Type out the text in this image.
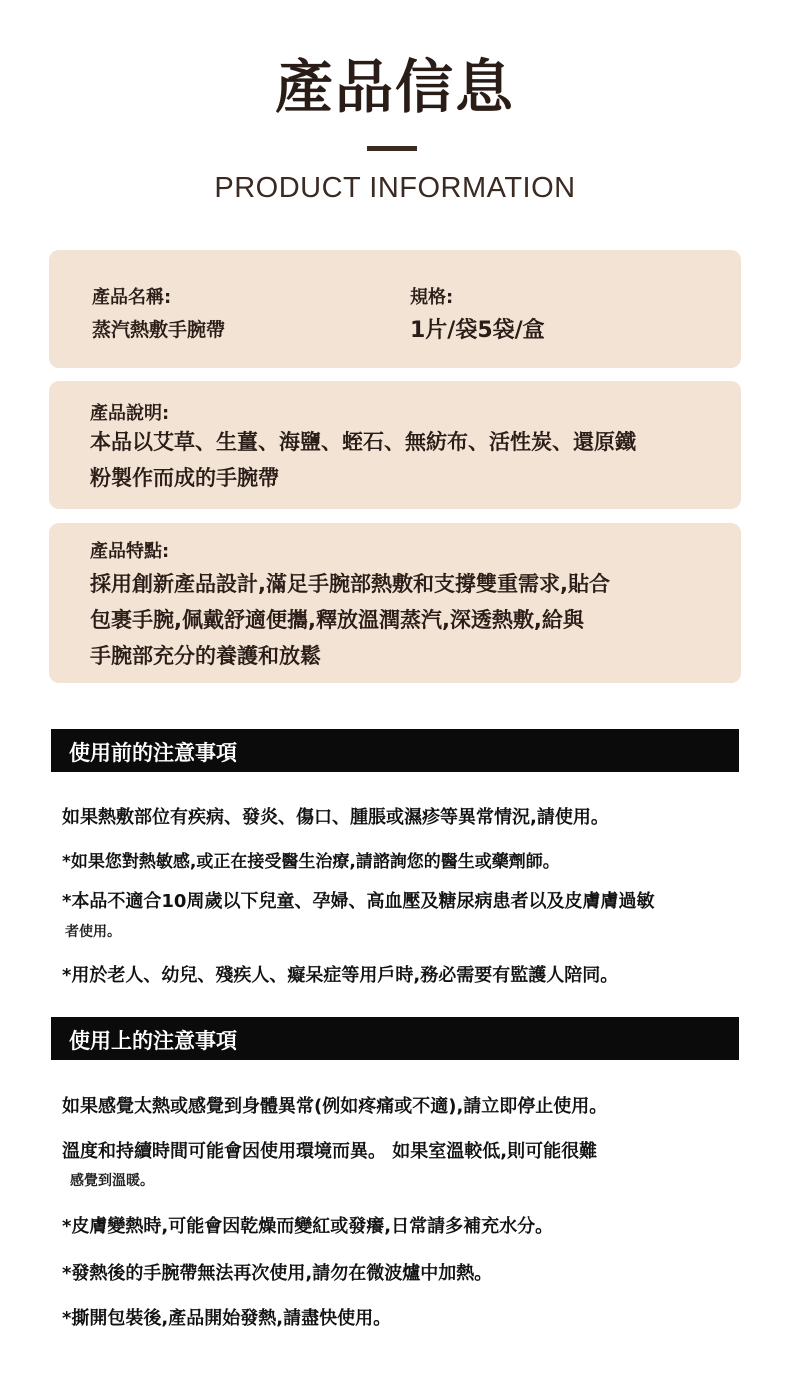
產品信息
PRODUCT INFORMATION
產品名稱:
蒸汽熱敷手腕帶
規格:
1片/袋5袋/盒
產品說明:
本品以艾草、生薑、海鹽、蛭石、無紡布、活性炭、還原鐵
粉製作而成的手腕帶
產品特點:
採用創新產品設計,滿足手腕部熱敷和支撐雙重需求,貼合
包裹手腕,佩戴舒適便攜,釋放溫潤蒸汽,深透熱敷,給與
手腕部充分的養護和放鬆
使用前的注意事項
如果熱敷部位有疾病、發炎、傷口、腫脹或濕疹等異常情況,請使用。
*如果您對熱敏感,或正在接受醫生治療,請諮詢您的醫生或藥劑師。
*本品不適合10周歲以下兒童、孕婦、高血壓及糖尿病患者以及皮膚膚過敏
者使用。
*用於老人、幼兒、殘疾人、癡呆症等用戶時,務必需要有監護人陪同。
使用上的注意事項
如果感覺太熱或感覺到身體異常(例如疼痛或不適),請立即停止使用。
溫度和持續時間可能會因使用環境而異。 如果室溫較低,則可能很難
感覺到溫暖。
*皮膚變熱時,可能會因乾燥而變紅或發癢,日常請多補充水分。
*發熱後的手腕帶無法再次使用,請勿在微波爐中加熱。
*撕開包裝後,產品開始發熱,請盡快使用。
